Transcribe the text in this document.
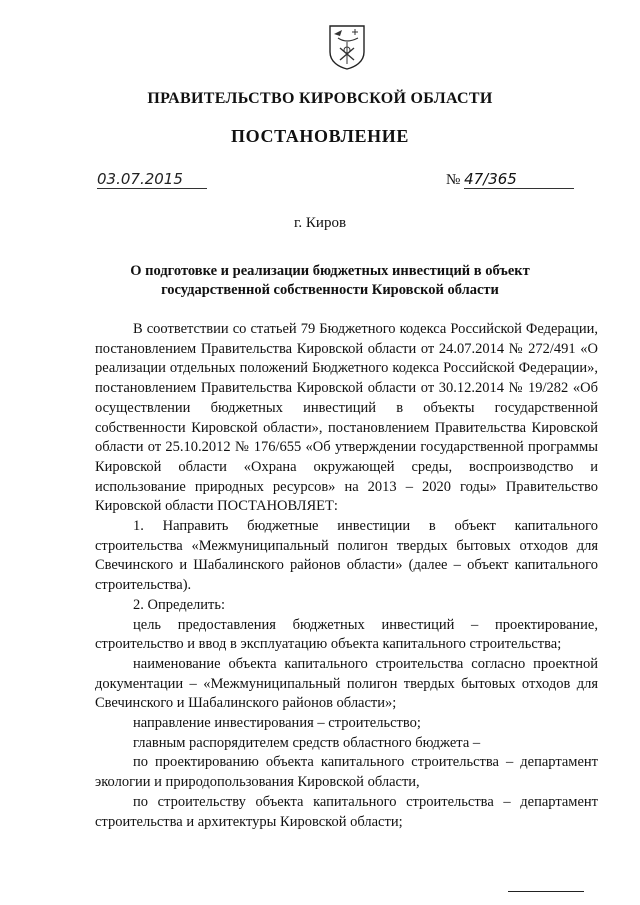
ПРАВИТЕЛЬСТВО КИРОВСКОЙ ОБЛАСТИ
ПОСТАНОВЛЕНИЕ
03.07.2015	№ 47/365
г. Киров
О подготовке и реализации бюджетных инвестиций в объект
государственной собственности Кировской области

В соответствии со статьей 79 Бюджетного кодекса Российской Федерации, постановлением Правительства Кировской области от 24.07.2014 № 272/491 «О реализации отдельных положений Бюджетного кодекса Российской Федерации», постановлением Правительства Кировской области от 30.12.2014 № 19/282 «Об осуществлении бюджетных инвестиций в объекты государственной собственности Кировской области», постановлением Правительства Кировской области от 25.10.2012 № 176/655 «Об утверждении государственной программы Кировской области «Охрана окружающей среды, воспроизводство и использование природных ресурсов» на 2013 – 2020 годы» Правительство Кировской области ПОСТАНОВЛЯЕТ:

1. Направить бюджетные инвестиции в объект капитального строительства «Межмуниципальный полигон твердых бытовых отходов для Свечинского и Шабалинского районов области» (далее – объект капитального строительства).

2. Определить:

цель предоставления бюджетных инвестиций – проектирование, строительство и ввод в эксплуатацию объекта капитального строительства;

наименование объекта капитального строительства согласно проектной документации – «Межмуниципальный полигон твердых бытовых отходов для Свечинского и Шабалинского районов области»;

направление инвестирования – строительство;

главным распорядителем средств областного бюджета –

по проектированию объекта капитального строительства – департамент экологии и природопользования Кировской области,

по строительству объекта капитального строительства – департамент строительства и архитектуры Кировской области;
